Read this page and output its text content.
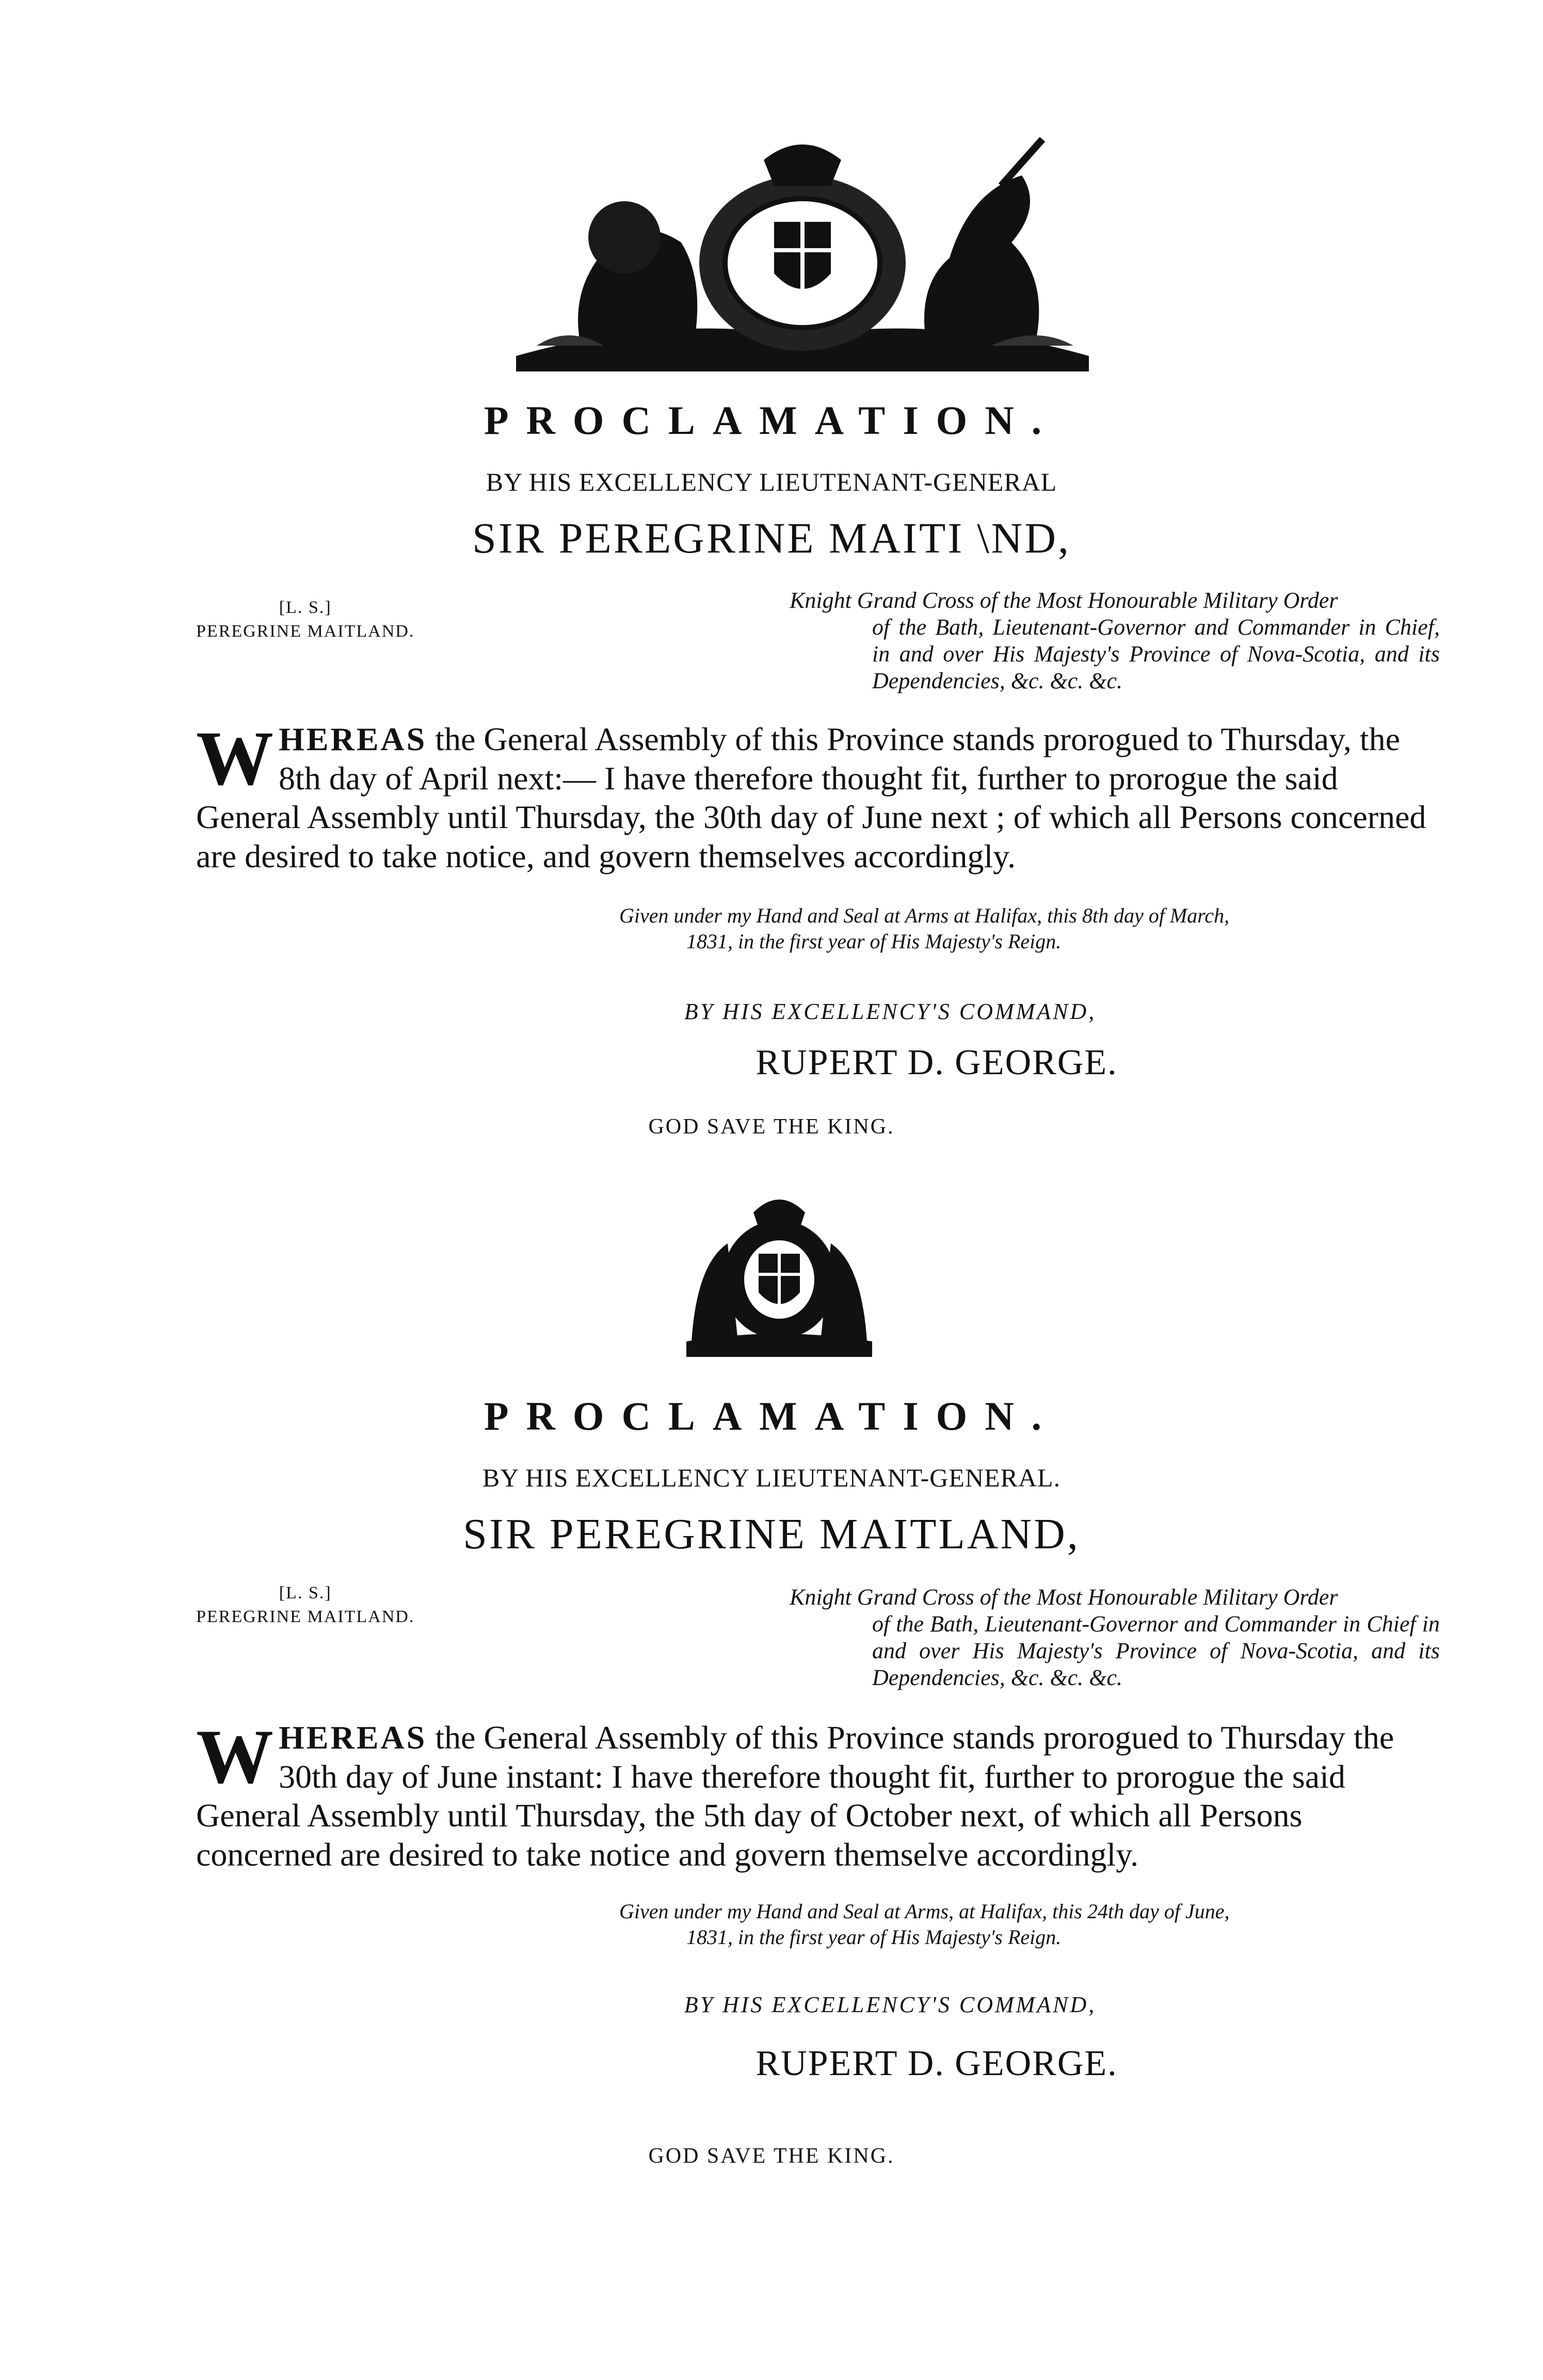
PROCLAMATION.
BY HIS EXCELLENCY LIEUTENANT-GENERAL
SIR PEREGRINE MAITI \ND,
[L. S.]
PEREGRINE MAITLAND.
Knight Grand Cross of the Most Honourable Military Order
of the Bath, Lieutenant-Governor and Commander in Chief, in and over His Majesty's Province of Nova-Scotia, and its Dependencies, &c. &c. &c.
W HEREAS the General Assembly of this Province stands prorogued to Thursday, the 8th day of April next:— I have therefore thought fit, further to prorogue the said General Assembly until Thursday, the 30th day of June next ; of which all Persons concerned are desired to take notice, and govern themselves accordingly.
Given under my Hand and Seal at Arms at Halifax, this 8th day of March,
1831, in the first year of His Majesty's Reign.
BY HIS EXCELLENCY'S COMMAND,
RUPERT D. GEORGE.
GOD SAVE THE KING.
PROCLAMATION.
BY HIS EXCELLENCY LIEUTENANT-GENERAL.
SIR PEREGRINE MAITLAND,
[L. S.]
PEREGRINE MAITLAND.
Knight Grand Cross of the Most Honourable Military Order
of the Bath, Lieutenant-Governor and Commander in Chief in and over His Majesty's Province of Nova-Scotia, and its Dependencies, &c. &c. &c.
W HEREAS the General Assembly of this Province stands prorogued to Thursday the 30th day of June instant: I have therefore thought fit, further to prorogue the said General Assembly until Thursday, the 5th day of October next, of which all Persons concerned are desired to take notice and govern themselve accordingly.
Given under my Hand and Seal at Arms, at Halifax, this 24th day of June,
1831, in the first year of His Majesty's Reign.
BY HIS EXCELLENCY'S COMMAND,
RUPERT D. GEORGE.
GOD SAVE THE KING.
